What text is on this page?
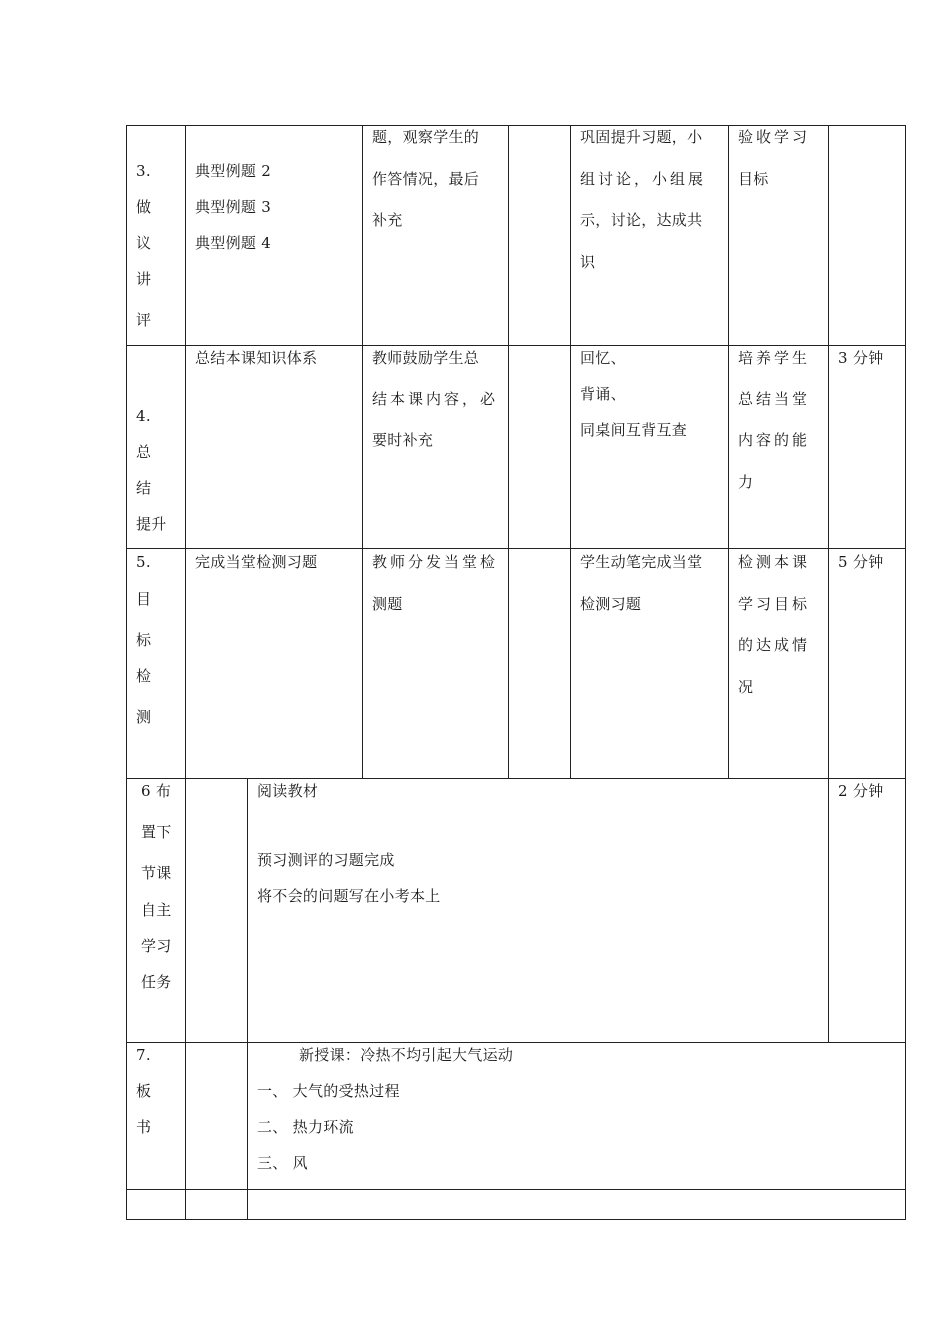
3.
做
议
讲
评
典型例题 2
典型例题 3
典型例题 4
题，观察学生的
作答情况，最后
补充
巩固提升习题，小
组讨论，小组展
示，讨论，达成共
识
验收学习
目标
4.
总
结
提升
总结本课知识体系	教师鼓励学生总
结本课内容，必
要时补充
回忆、
背诵、
同桌间互背互查
培养学生
总结当堂
内容的能
力
3 分钟
5.
目
标
检
测
完成当堂检测习题	教师分发当堂检
测题
学生动笔完成当堂
检测习题
检测本课
学习目标
的达成情
况
5 分钟
6 布
置下
节课
自主
学习
任务
阅读教材
预习测评的习题完成
将不会的问题写在小考本上
2 分钟
7.
板
书
新授课：冷热不均引起大气运动
一、 大气的受热过程
二、 热力环流
三、 风
